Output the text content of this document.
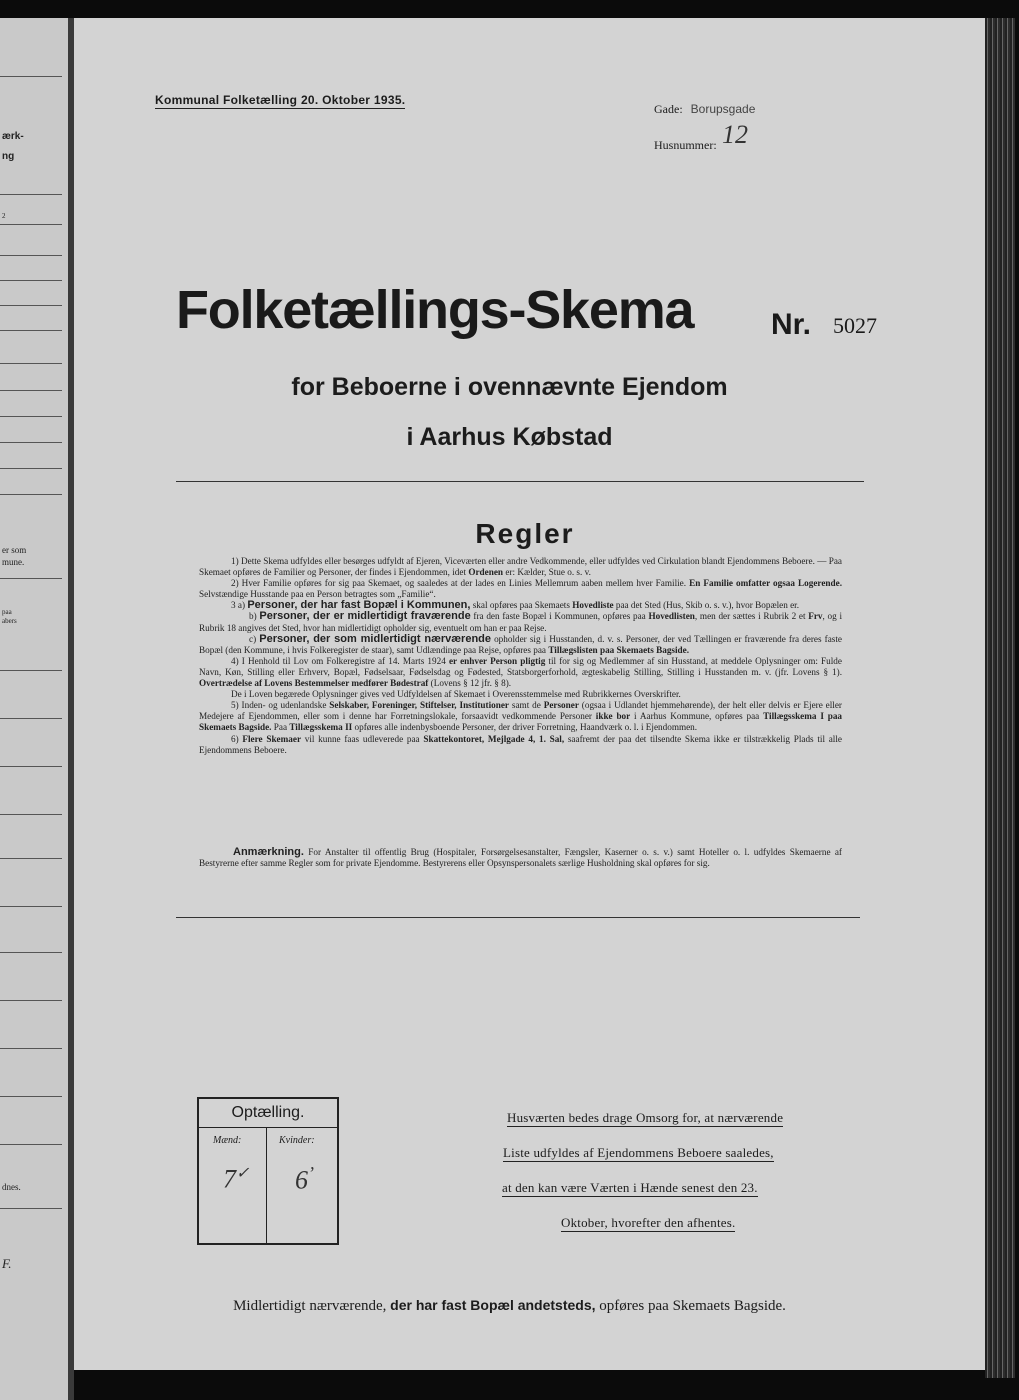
ærk-
ng
2
er som
mune.
paa
abers
dnes.
F.
Kommunal Folketælling 20. Oktober 1935.
Gade: Borupsgade
Husnummer: 12
Folketællings-Skema	Nr. 5027
for Beboerne i ovennævnte Ejendom
i Aarhus Købstad
Regler

1) Dette Skema udfyldes eller besørges udfyldt af Ejeren, Viceværten eller andre Vedkommende, eller udfyldes ved Cirkulation blandt Ejendommens Beboere. — Paa Skemaet opføres de Familier og Personer, der findes i Ejendommen, idet Ordenen er: Kælder, Stue o. s. v.

2) Hver Familie opføres for sig paa Skemaet, og saaledes at der lades en Linies Mellemrum aaben mellem hver Familie. En Familie omfatter ogsaa Logerende. Selvstændige Husstande paa en Person betragtes som „Familie“.

3 a) Personer, der har fast Bopæl i Kommunen, skal opføres paa Skemaets Hovedliste paa det Sted (Hus, Skib o. s. v.), hvor Bopælen er.

b) Personer, der er midlertidigt fraværende fra den faste Bopæl i Kommunen, opføres paa Hovedlisten, men der sættes i Rubrik 2 et Frv, og i Rubrik 18 angives det Sted, hvor han midlertidigt opholder sig, eventuelt om han er paa Rejse.

c) Personer, der som midlertidigt nærværende opholder sig i Husstanden, d. v. s. Personer, der ved Tællingen er fraværende fra deres faste Bopæl (den Kommune, i hvis Folkeregister de staar), samt Udlændinge paa Rejse, opføres paa Tillægslisten paa Skemaets Bagside.

4) I Henhold til Lov om Folkeregistre af 14. Marts 1924 er enhver Person pligtig til for sig og Medlemmer af sin Husstand, at meddele Oplysninger om: Fulde Navn, Køn, Stilling eller Erhverv, Bopæl, Fødselsaar, Fødselsdag og Fødested, Statsborgerforhold, ægteskabelig Stilling, Stilling i Husstanden m. v. (jfr. Lovens § 1). Overtrædelse af Lovens Bestemmelser medfører Bødestraf (Lovens § 12 jfr. § 8).

De i Loven begærede Oplysninger gives ved Udfyldelsen af Skemaet i Overensstemmelse med Rubrikkernes Overskrifter.

5) Inden- og udenlandske Selskaber, Foreninger, Stiftelser, Institutioner samt de Personer (ogsaa i Udlandet hjemmehørende), der helt eller delvis er Ejere eller Medejere af Ejendommen, eller som i denne har Forretningslokale, forsaavidt vedkommende Personer ikke bor i Aarhus Kommune, opføres paa Tillægsskema I paa Skemaets Bagside. Paa Tillægsskema II opføres alle indenbysboende Personer, der driver Forretning, Haandværk o. l. i Ejendommen.

6) Flere Skemaer vil kunne faas udleverede paa Skattekontoret, Mejlgade 4, 1. Sal, saafremt der paa det tilsendte Skema ikke er tilstrækkelig Plads til alle Ejendommens Beboere.

Anmærkning. For Anstalter til offentlig Brug (Hospitaler, Forsørgelsesanstalter, Fængsler, Kaserner o. s. v.) samt Hoteller o. l. udfyldes Skemaerne af Bestyrerne efter samme Regler som for private Ejendomme. Bestyrerens eller Opsynspersonalets særlige Husholdning skal opføres for sig.

Optælling.
Mænd:	Kvinder:
7✓ $6^ʼ$
Husværten bedes drage Omsorg for, at nærværende
Liste udfyldes af Ejendommens Beboere saaledes,
at den kan være Værten i Hænde senest den 23.
Oktober, hvorefter den afhentes.
Midlertidigt nærværende, der har fast Bopæl andetsteds, opføres paa Skemaets Bagside.
